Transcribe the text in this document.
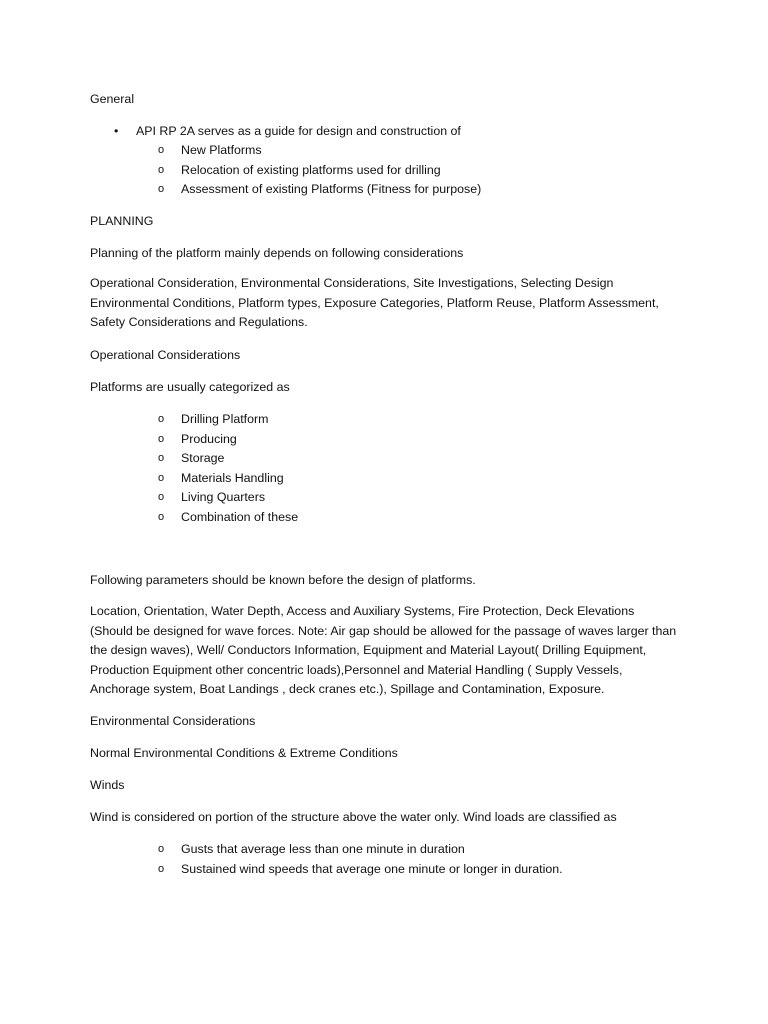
General
• API RP 2A serves as a guide for design and construction of
o New Platforms
o Relocation of existing platforms used for drilling
o Assessment of existing Platforms (Fitness for purpose)
PLANNING
Planning of the platform mainly depends on following considerations
Operational Consideration, Environmental Considerations, Site Investigations, Selecting Design Environmental Conditions, Platform types, Exposure Categories, Platform Reuse, Platform Assessment, Safety Considerations and Regulations.
Operational Considerations
Platforms are usually categorized as
o Drilling Platform
o Producing
o Storage
o Materials Handling
o Living Quarters
o Combination of these
Following parameters should be known before the design of platforms.
Location, Orientation, Water Depth, Access and Auxiliary Systems, Fire Protection, Deck Elevations (Should be designed for wave forces. Note: Air gap should be allowed for the passage of waves larger than the design waves), Well/ Conductors Information, Equipment and Material Layout( Drilling Equipment, Production Equipment other concentric loads),Personnel and Material Handling ( Supply Vessels, Anchorage system, Boat Landings , deck cranes etc.), Spillage and Contamination, Exposure.
Environmental Considerations
Normal Environmental Conditions & Extreme Conditions
Winds
Wind is considered on portion of the structure above the water only. Wind loads are classified as
o Gusts that average less than one minute in duration
o Sustained wind speeds that average one minute or longer in duration.
